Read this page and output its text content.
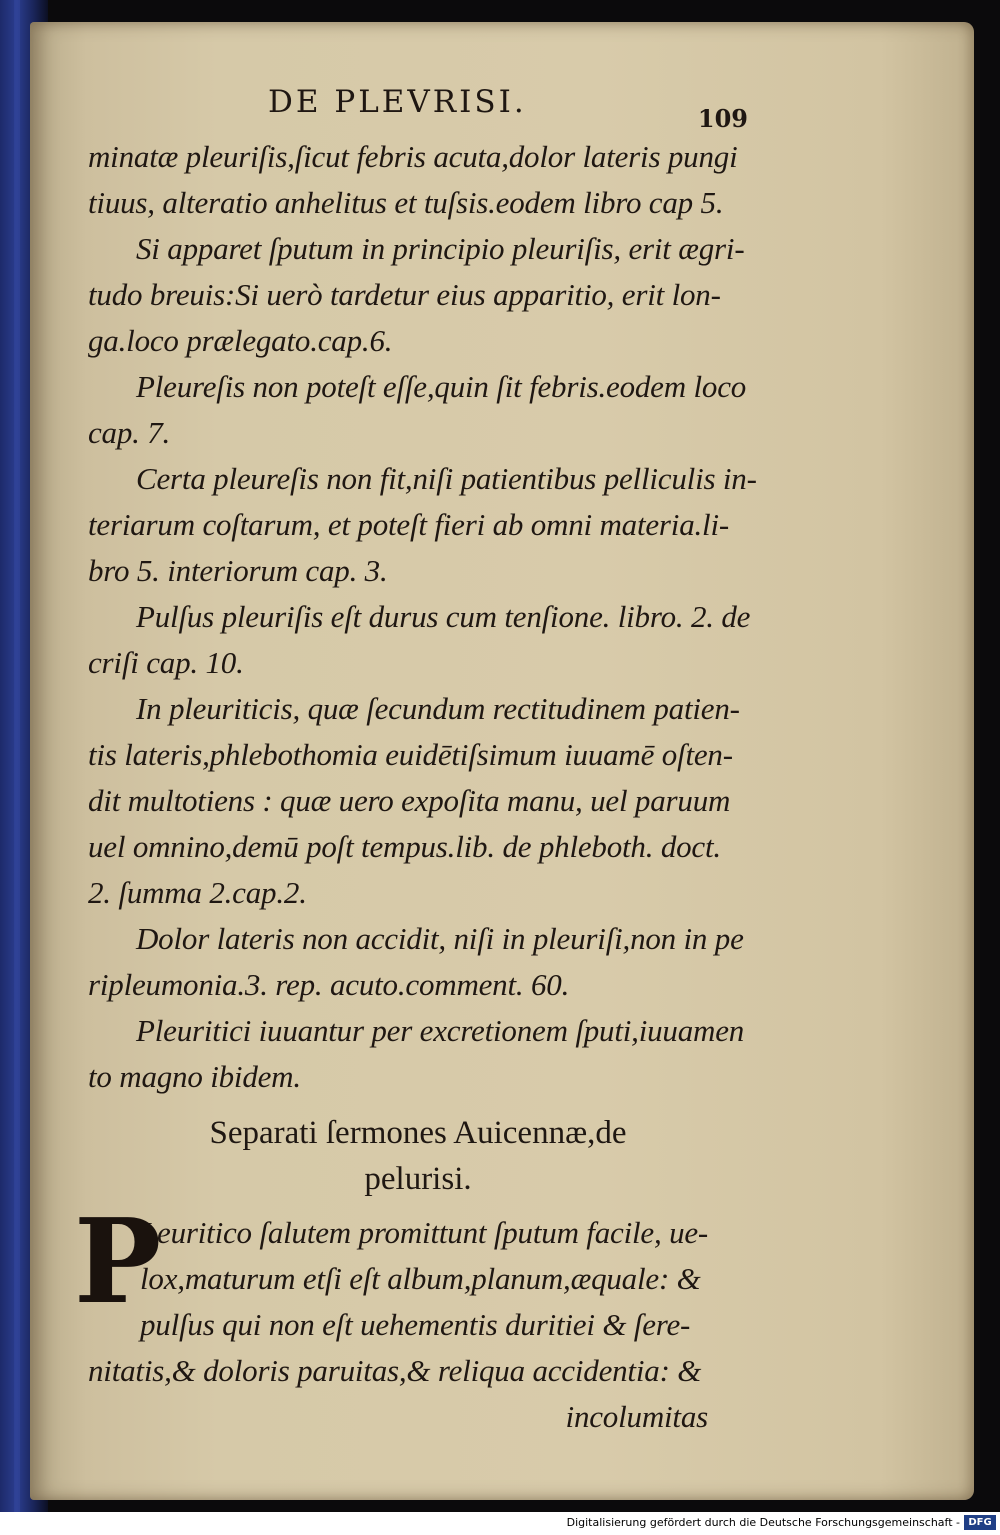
DE PLEVRISI.	109
minatæ pleuriſis,ſicut febris acuta,dolor lateris pungi
tiuus, alteratio anhelitus et tuſsis.eodem libro cap 5.
Si apparet ſputum in principio pleuriſis, erit ægri-
tudo breuis:Si uerò tardetur eius apparitio, erit lon-
ga.loco prælegato.cap.6.
Pleureſis non poteſt eſſe,quin ſit febris.eodem loco
cap. 7.
Certa pleureſis non fit,niſi patientibus pelliculis in-
teriarum coſtarum, et poteſt fieri ab omni materia.li-
bro 5. interiorum cap. 3.
Pulſus pleuriſis eſt durus cum tenſione. libro. 2. de
criſi cap. 10.
In pleuriticis, quæ ſecundum rectitudinem patien-
tis lateris,phlebothomia euidētiſsimum iuuamē oſten-
dit multotiens : quæ uero expoſita manu, uel paruum
uel omnino,demū poſt tempus.lib. de phleboth. doct.
2. ſumma 2.cap.2.
Dolor lateris non accidit, niſi in pleuriſi,non in pe
ripleumonia.3. rep. acuto.comment. 60.
Pleuritici iuuantur per excretionem ſputi,iuuamen
to magno ibidem.
Separati ſermones Auicennæ,de
pelurisi.
P
Leuritico ſalutem promittunt ſputum facile, ue-
lox,maturum etſi eſt album,planum,æquale: &
pulſus qui non eſt uehementis duritiei & ſere-
nitatis,& doloris paruitas,& reliqua accidentia: &
incolumitas
Digitalisierung gefördert durch die Deutsche Forschungsgemeinschaft - DFG
